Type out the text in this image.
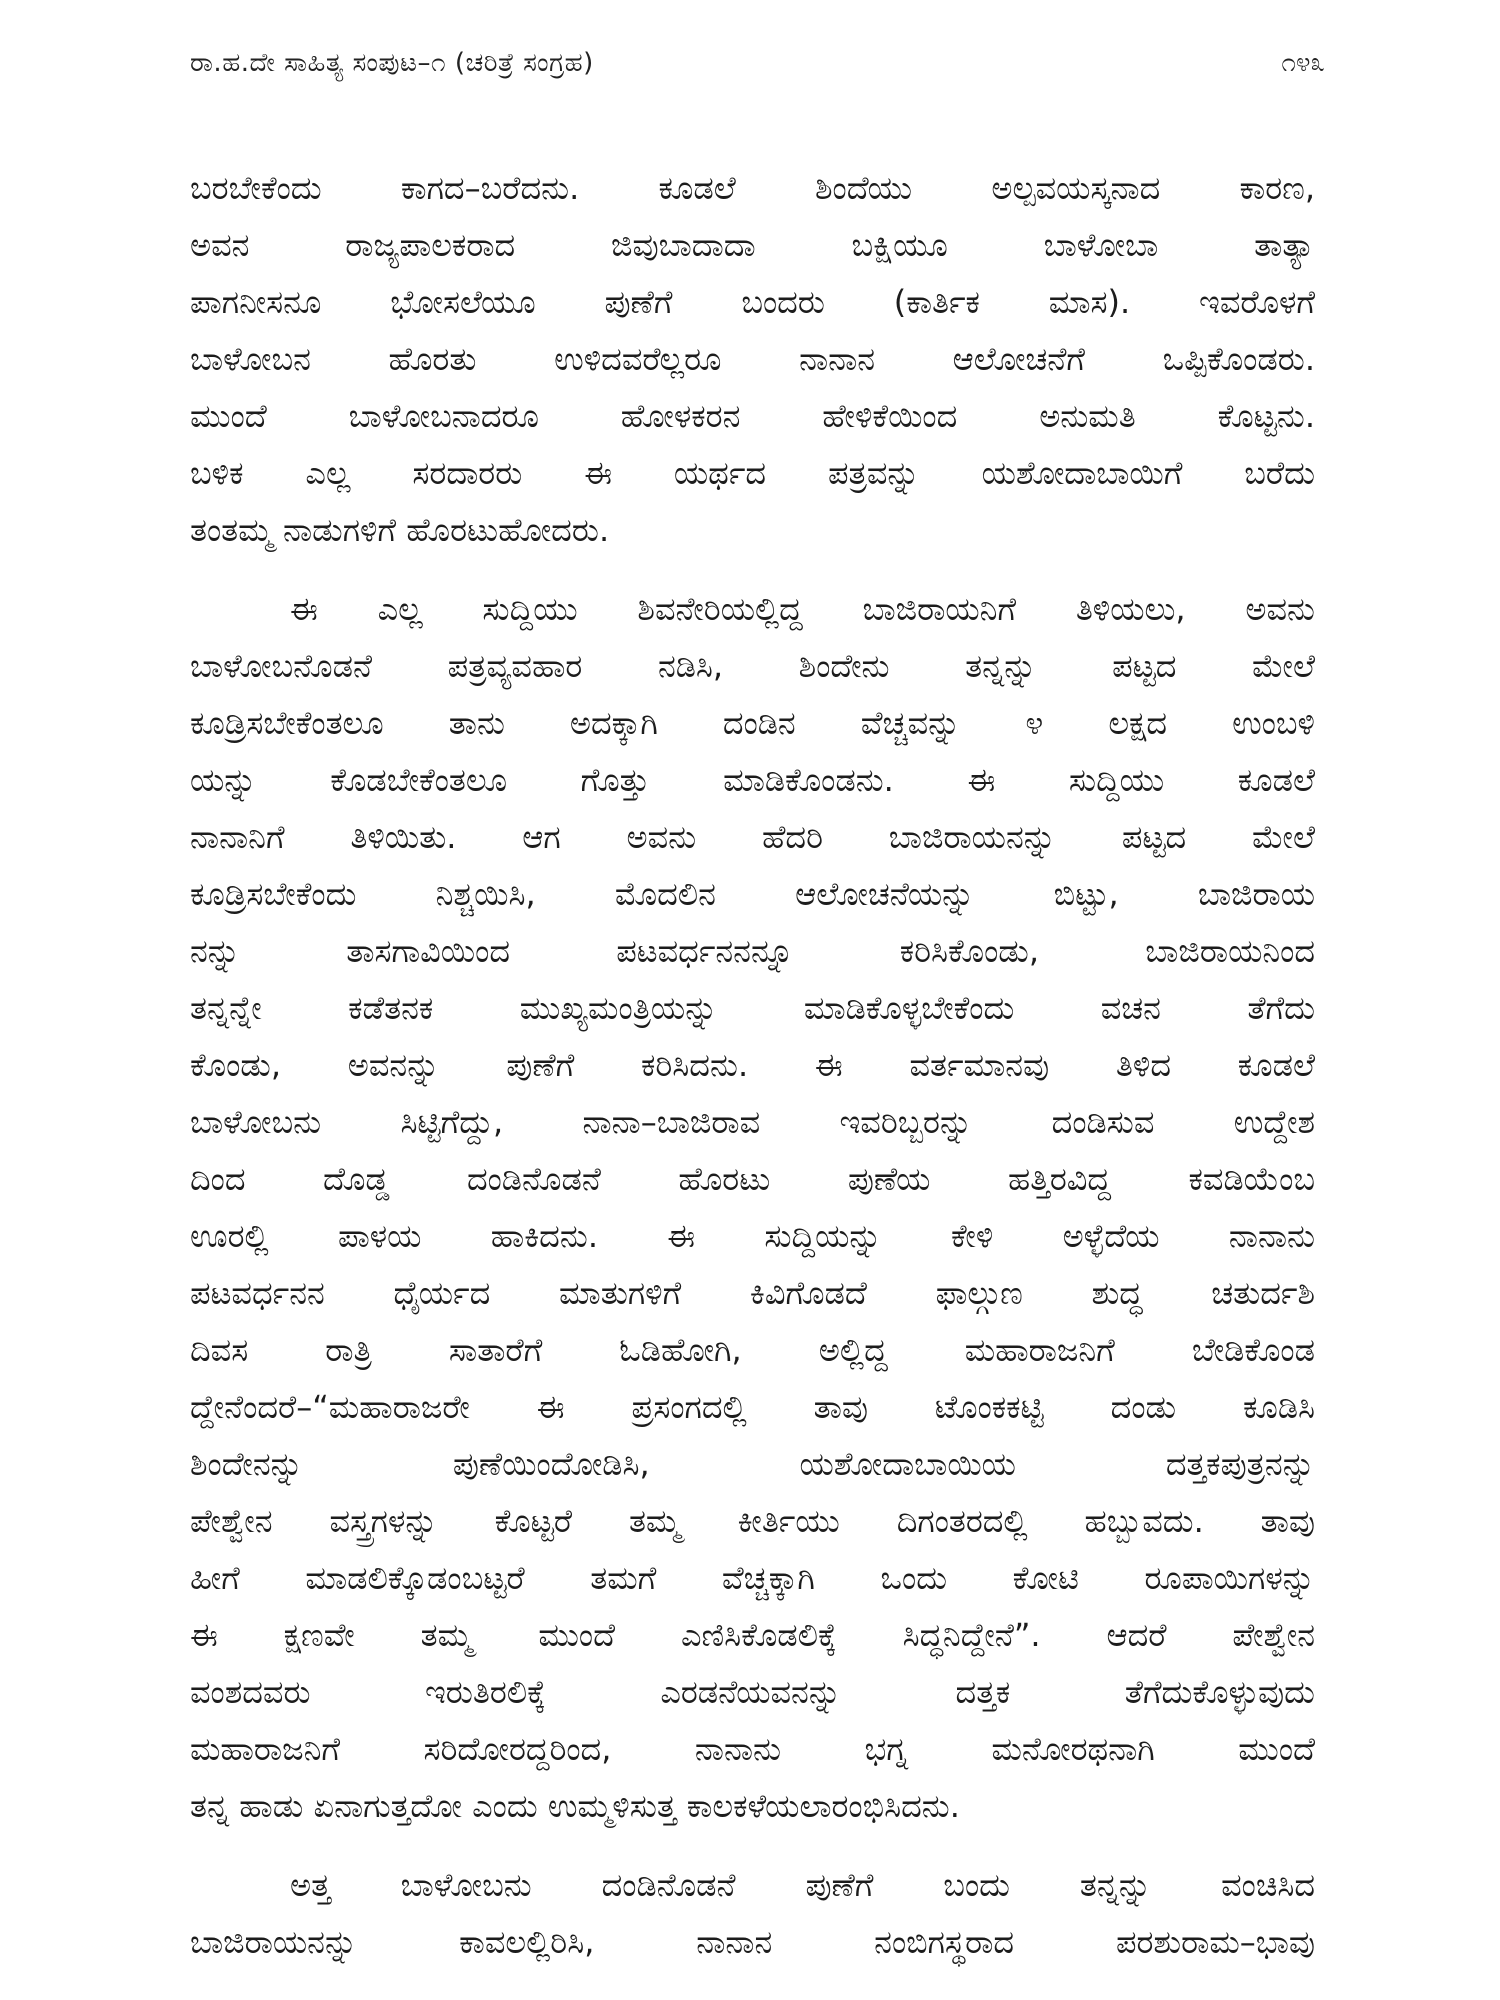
ರಾ.ಹ.ದೇ ಸಾಹಿತ್ಯ ಸಂಪುಟ–೧ (ಚರಿತ್ರೆ ಸಂಗ್ರಹ)	೧೪೩
ಬರಬೇಕೆಂದು ಕಾಗದ–ಬರೆದನು. ಕೂಡಲೆ ಶಿಂದೆಯು ಅಲ್ಪವಯಸ್ಕನಾದ ಕಾರಣ,
ಅವನ ರಾಜ್ಯಪಾಲಕರಾದ ಜಿವುಬಾದಾದಾ ಬಕ್ಷಿಯೂ ಬಾಳೋಬಾ ತಾತ್ಯಾ
ಪಾಗನೀಸನೂ ಭೋಸಲೆಯೂ ಪುಣೆಗೆ ಬಂದರು (ಕಾರ್ತಿಕ ಮಾಸ). ಇವರೊಳಗೆ
ಬಾಳೋಬನ ಹೊರತು ಉಳಿದವರೆಲ್ಲರೂ ನಾನಾನ ಆಲೋಚನೆಗೆ ಒಪ್ಪಿಕೊಂಡರು.
ಮುಂದೆ ಬಾಳೋಬನಾದರೂ ಹೋಳಕರನ ಹೇಳಿಕೆಯಿಂದ ಅನುಮತಿ ಕೊಟ್ಟನು.
ಬಳಿಕ ಎಲ್ಲ ಸರದಾರರು ಈ ಯರ್ಥದ ಪತ್ರವನ್ನು ಯಶೋದಾಬಾಯಿಗೆ ಬರೆದು
ತಂತಮ್ಮ ನಾಡುಗಳಿಗೆ ಹೊರಟುಹೋದರು.
ಈ ಎಲ್ಲ ಸುದ್ದಿಯು ಶಿವನೇರಿಯಲ್ಲಿದ್ದ ಬಾಜಿರಾಯನಿಗೆ ತಿಳಿಯಲು, ಅವನು
ಬಾಳೋಬನೊಡನೆ ಪತ್ರವ್ಯವಹಾರ ನಡಿಸಿ, ಶಿಂದೇನು ತನ್ನನ್ನು ಪಟ್ಟದ ಮೇಲೆ
ಕೂಡ್ರಿಸಬೇಕೆಂತಲೂ ತಾನು ಅದಕ್ಕಾಗಿ ದಂಡಿನ ವೆಚ್ಚವನ್ನು ೪ ಲಕ್ಷದ ಉಂಬಳಿ
ಯನ್ನು ಕೊಡಬೇಕೆಂತಲೂ ಗೊತ್ತು ಮಾಡಿಕೊಂಡನು. ಈ ಸುದ್ದಿಯು ಕೂಡಲೆ
ನಾನಾನಿಗೆ ತಿಳಿಯಿತು. ಆಗ ಅವನು ಹೆದರಿ ಬಾಜಿರಾಯನನ್ನು ಪಟ್ಟದ ಮೇಲೆ
ಕೂಡ್ರಿಸಬೇಕೆಂದು ನಿಶ್ಚಯಿಸಿ, ಮೊದಲಿನ ಆಲೋಚನೆಯನ್ನು ಬಿಟ್ಟು, ಬಾಜಿರಾಯ
ನನ್ನು ತಾಸಗಾವಿಯಿಂದ ಪಟವರ್ಧನನನ್ನೂ ಕರಿಸಿಕೊಂಡು, ಬಾಜಿರಾಯನಿಂದ
ತನ್ನನ್ನೇ ಕಡೆತನಕ ಮುಖ್ಯಮಂತ್ರಿಯನ್ನು ಮಾಡಿಕೊಳ್ಳಬೇಕೆಂದು ವಚನ ತೆಗೆದು
ಕೊಂಡು, ಅವನನ್ನು ಪುಣೆಗೆ ಕರಿಸಿದನು. ಈ ವರ್ತಮಾನವು ತಿಳಿದ ಕೂಡಲೆ
ಬಾಳೋಬನು ಸಿಟ್ಟಿಗೆದ್ದು, ನಾನಾ–ಬಾಜಿರಾವ ಇವರಿಬ್ಬರನ್ನು ದಂಡಿಸುವ ಉದ್ದೇಶ
ದಿಂದ ದೊಡ್ಡ ದಂಡಿನೊಡನೆ ಹೊರಟು ಪುಣೆಯ ಹತ್ತಿರವಿದ್ದ ಕವಡಿಯೆಂಬ
ಊರಲ್ಲಿ ಪಾಳಯ ಹಾಕಿದನು. ಈ ಸುದ್ದಿಯನ್ನು ಕೇಳಿ ಅಳ್ಳೆದೆಯ ನಾನಾನು
ಪಟವರ್ಧನನ ಧೈರ್ಯದ ಮಾತುಗಳಿಗೆ ಕಿವಿಗೊಡದೆ ಫಾಲ್ಗುಣ ಶುದ್ಧ ಚತುರ್ದಶಿ
ದಿವಸ ರಾತ್ರಿ ಸಾತಾರೆಗೆ ಓಡಿಹೋಗಿ, ಅಲ್ಲಿದ್ದ ಮಹಾರಾಜನಿಗೆ ಬೇಡಿಕೊಂಡ
ದ್ದೇನೆಂದರೆ–“ಮಹಾರಾಜರೇ ಈ ಪ್ರಸಂಗದಲ್ಲಿ ತಾವು ಟೊಂಕಕಟ್ಟಿ ದಂಡು ಕೂಡಿಸಿ
ಶಿಂದೇನನ್ನು ಪುಣೆಯಿಂದೋಡಿಸಿ, ಯಶೋದಾಬಾಯಿಯ ದತ್ತಕಪುತ್ರನನ್ನು
ಪೇಶ್ವೇನ ವಸ್ತ್ರಗಳನ್ನು ಕೊಟ್ಟರೆ ತಮ್ಮ ಕೀರ್ತಿಯು ದಿಗಂತರದಲ್ಲಿ ಹಬ್ಬುವದು. ತಾವು
ಹೀಗೆ ಮಾಡಲಿಕ್ಕೊಡಂಬಟ್ಟರೆ ತಮಗೆ ವೆಚ್ಚಕ್ಕಾಗಿ ಒಂದು ಕೋಟಿ ರೂಪಾಯಿಗಳನ್ನು
ಈ ಕ್ಷಣವೇ ತಮ್ಮ ಮುಂದೆ ಎಣಿಸಿಕೊಡಲಿಕ್ಕೆ ಸಿದ್ಧನಿದ್ದೇನೆ”. ಆದರೆ ಪೇಶ್ವೇನ
ವಂಶದವರು ಇರುತಿರಲಿಕ್ಕೆ ಎರಡನೆಯವನನ್ನು ದತ್ತಕ ತೆಗೆದುಕೊಳ್ಳುವುದು
ಮಹಾರಾಜನಿಗೆ ಸರಿದೋರದ್ದರಿಂದ, ನಾನಾನು ಭಗ್ನ ಮನೋರಥನಾಗಿ ಮುಂದೆ
ತನ್ನ ಹಾಡು ಏನಾಗುತ್ತದೋ ಎಂದು ಉಮ್ಮಳಿಸುತ್ತ ಕಾಲಕಳೆಯಲಾರಂಭಿಸಿದನು.
ಅತ್ತ ಬಾಳೋಬನು ದಂಡಿನೊಡನೆ ಪುಣೆಗೆ ಬಂದು ತನ್ನನ್ನು ವಂಚಿಸಿದ
ಬಾಜಿರಾಯನನ್ನು ಕಾವಲಲ್ಲಿರಿಸಿ, ನಾನಾನ ನಂಬಿಗಸ್ಥರಾದ ಪರಶುರಾಮ–ಭಾವು
